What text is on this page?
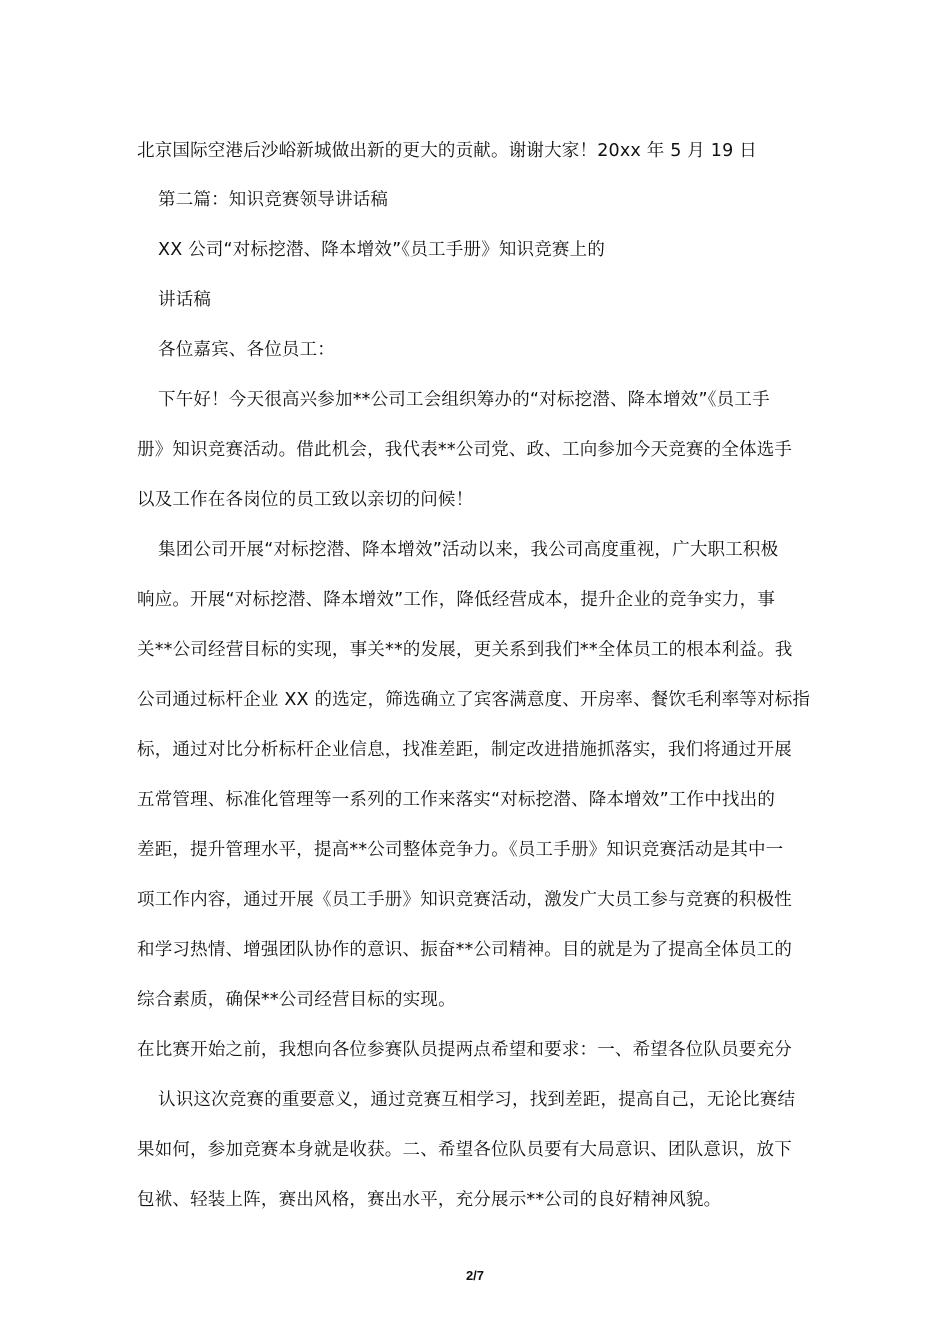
北京国际空港后沙峪新城做出新的更大的贡献。谢谢大家！20xx 年 5 月 19 日
第二篇：知识竞赛领导讲话稿
XX 公司“对标挖潜、降本增效”《员工手册》知识竞赛上的
讲话稿
各位嘉宾、各位员工：
下午好！今天很高兴参加**公司工会组织筹办的“对标挖潜、降本增效”《员工手
册》知识竞赛活动。借此机会，我代表**公司党、政、工向参加今天竞赛的全体选手
以及工作在各岗位的员工致以亲切的问候！
集团公司开展“对标挖潜、降本增效”活动以来，我公司高度重视，广大职工积极
响应。开展“对标挖潜、降本增效”工作，降低经营成本，提升企业的竞争实力，事
关**公司经营目标的实现，事关**的发展，更关系到我们**全体员工的根本利益。我
公司通过标杆企业 XX 的选定，筛选确立了宾客满意度、开房率、餐饮毛利率等对标指
标，通过对比分析标杆企业信息，找准差距，制定改进措施抓落实，我们将通过开展
五常管理、标准化管理等一系列的工作来落实“对标挖潜、降本增效”工作中找出的
差距，提升管理水平，提高**公司整体竞争力。《员工手册》知识竞赛活动是其中一
项工作内容，通过开展《员工手册》知识竞赛活动，激发广大员工参与竞赛的积极性
和学习热情、增强团队协作的意识、振奋**公司精神。目的就是为了提高全体员工的
综合素质，确保**公司经营目标的实现。
在比赛开始之前，我想向各位参赛队员提两点希望和要求：一、希望各位队员要充分
认识这次竞赛的重要意义，通过竞赛互相学习，找到差距，提高自己，无论比赛结
果如何，参加竞赛本身就是收获。二、希望各位队员要有大局意识、团队意识，放下
包袱、轻装上阵，赛出风格，赛出水平，充分展示**公司的良好精神风貌。
2/7
